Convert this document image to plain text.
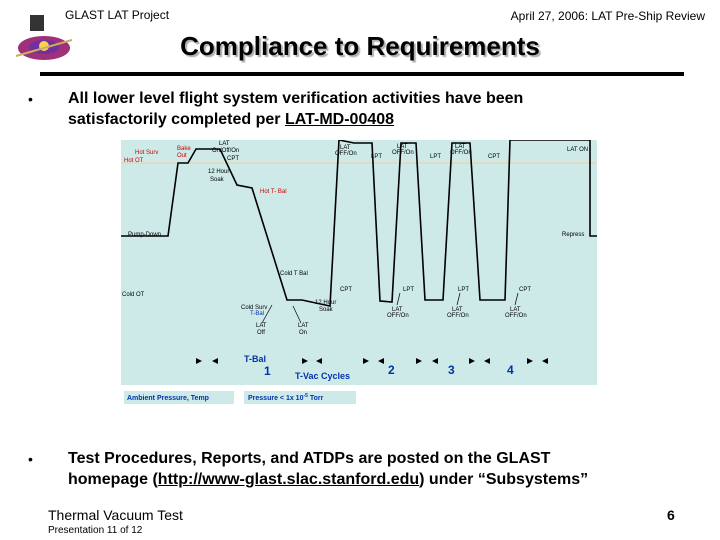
GLAST LAT Project	April 27, 2006: LAT Pre-Ship Review
Compliance to Requirements
• All lower level flight system verification activities have been
satisfactorily completed per LAT-MD-00408
Hot Surv
Hot OT
Hot T- Bal
Pump-Down
Cold OT
LAT ON
Repress
CPT	LPT	LPT	CPT
Cold T Bal
CPT	LPT	LPT	CPT
Cold Surv
T-Bal
Bake Out
LAT On/Off/On
12 Hour Soak
LAT OFF/On
LAT OFF/On
LAT OFF/On
12 Hour Soak
LAT Off
LAT On
LAT OFF/On
LAT OFF/On
LAT OFF/On
T-Bal
1	T-Vac Cycles	2	3	4
Ambient Pressure, Temp	Pressure < 1x $10^{-5}$ Torr
• Test Procedures, Reports, and ATDPs are posted on the GLAST
homepage (http://www-glast.slac.stanford.edu) under “Subsystems”
Thermal Vacuum Test
Presentation 11 of 12
6
